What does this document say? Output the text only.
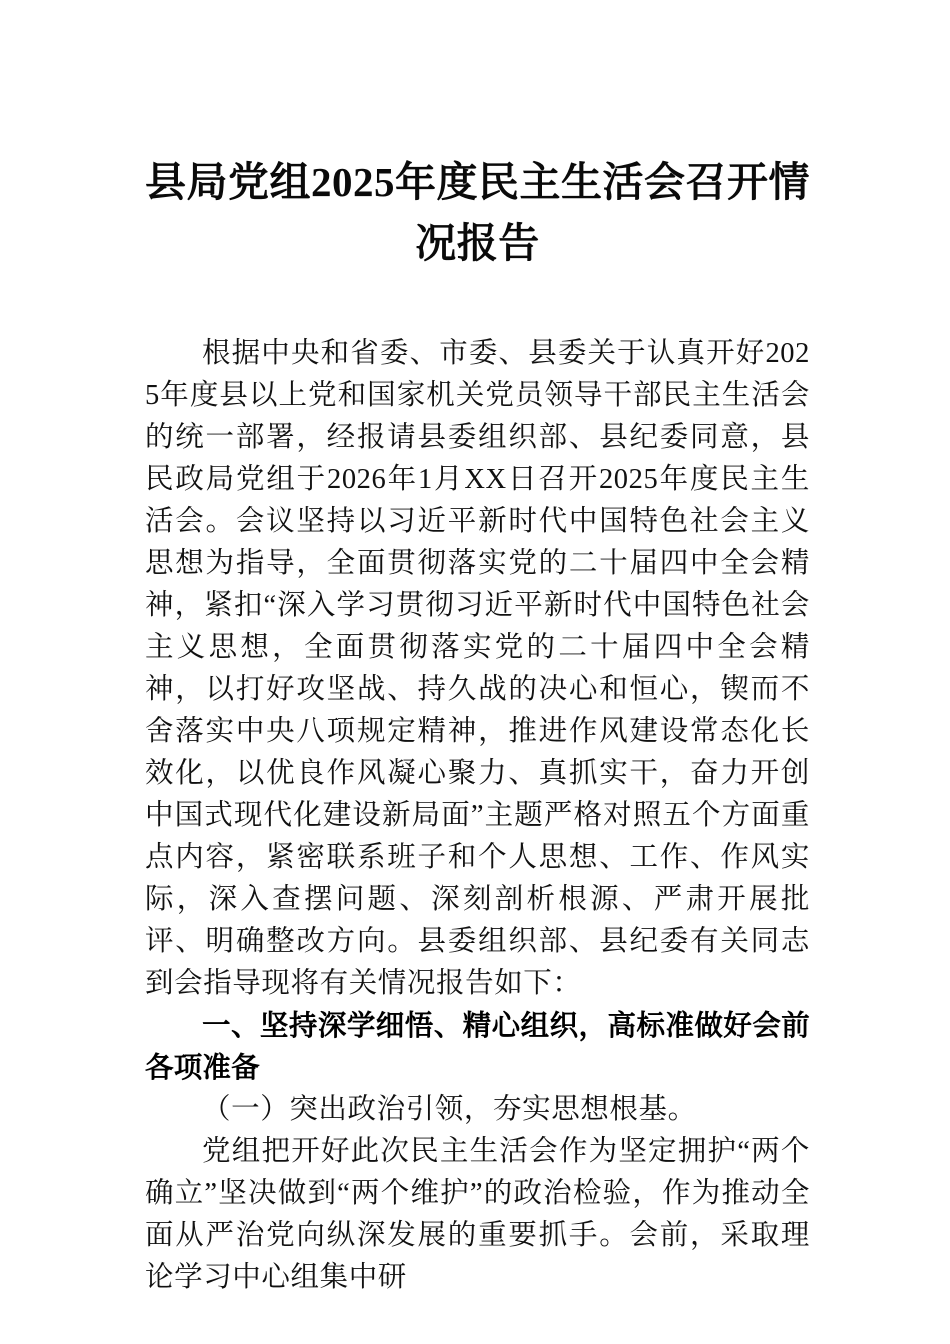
县局党组2025年度民主生活会召开情况报告

根据中央和省委、市委、县委关于认真开好2025年度县以上党和国家机关党员领导干部民主生活会的统一部署，经报请县委组织部、县纪委同意，县民政局党组于2026年1月XX日召开2025年度民主生活会。会议坚持以习近平新时代中国特色社会主义思想为指导，全面贯彻落实党的二十届四中全会精神，紧扣“深入学习贯彻习近平新时代中国特色社会主义思想，全面贯彻落实党的二十届四中全会精神，以打好攻坚战、持久战的决心和恒心，锲而不舍落实中央八项规定精神，推进作风建设常态化长效化，以优良作风凝心聚力、真抓实干，奋力开创中国式现代化建设新局面”主题严格对照五个方面重点内容，紧密联系班子和个人思想、工作、作风实际，深入查摆问题、深刻剖析根源、严肃开展批评、明确整改方向。县委组织部、县纪委有关同志到会指导现将有关情况报告如下：

一、坚持深学细悟、精心组织，高标准做好会前各项准备

（一）突出政治引领，夯实思想根基。

党组把开好此次民主生活会作为坚定拥护“两个确立”坚决做到“两个维护”的政治检验，作为推动全面从严治党向纵深发展的重要抓手。会前，采取理论学习中心组集中研
